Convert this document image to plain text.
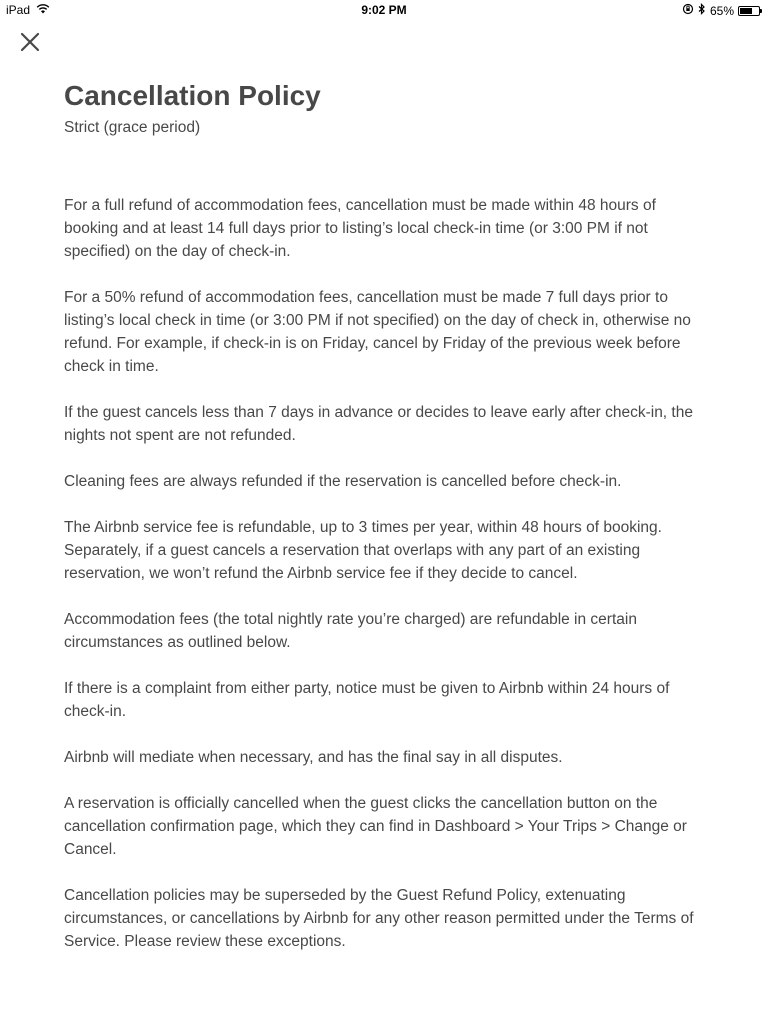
iPad	9:02 PM	65%
Cancellation Policy
Strict (grace period)

For a full refund of accommodation fees, cancellation must be made within 48 hours of booking and at least 14 full days prior to listing’s local check-in time (or 3:00 PM if not specified) on the day of check-in.

For a 50% refund of accommodation fees, cancellation must be made 7 full days prior to listing’s local check in time (or 3:00 PM if not specified) on the day of check in, otherwise no refund. For example, if check-in is on Friday, cancel by Friday of the previous week before check in time.

If the guest cancels less than 7 days in advance or decides to leave early after check-in, the nights not spent are not refunded.

Cleaning fees are always refunded if the reservation is cancelled before check-in.

The Airbnb service fee is refundable, up to 3 times per year, within 48 hours of booking. Separately, if a guest cancels a reservation that overlaps with any part of an existing reservation, we won’t refund the Airbnb service fee if they decide to cancel.

Accommodation fees (the total nightly rate you’re charged) are refundable in certain circumstances as outlined below.

If there is a complaint from either party, notice must be given to Airbnb within 24 hours of check-in.

Airbnb will mediate when necessary, and has the final say in all disputes.

A reservation is officially cancelled when the guest clicks the cancellation button on the cancellation confirmation page, which they can find in Dashboard > Your Trips > Change or Cancel.

Cancellation policies may be superseded by the Guest Refund Policy, extenuating circumstances, or cancellations by Airbnb for any other reason permitted under the Terms of Service. Please review these exceptions.
